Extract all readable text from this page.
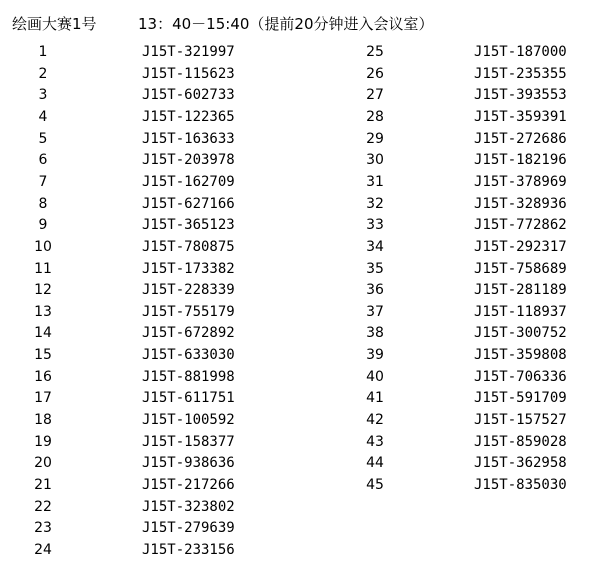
绘画大赛1号	13：40－15:40（提前20分钟进入会议室）
1	J15T-321997
2	J15T-115623
3	J15T-602733
4	J15T-122365
5	J15T-163633
6	J15T-203978
7	J15T-162709
8	J15T-627166
9	J15T-365123
10	J15T-780875
11	J15T-173382
12	J15T-228339
13	J15T-755179
14	J15T-672892
15	J15T-633030
16	J15T-881998
17	J15T-611751
18	J15T-100592
19	J15T-158377
20	J15T-938636
21	J15T-217266
22	J15T-323802
23	J15T-279639
24	J15T-233156
25	J15T-187000
26	J15T-235355
27	J15T-393553
28	J15T-359391
29	J15T-272686
30	J15T-182196
31	J15T-378969
32	J15T-328936
33	J15T-772862
34	J15T-292317
35	J15T-758689
36	J15T-281189
37	J15T-118937
38	J15T-300752
39	J15T-359808
40	J15T-706336
41	J15T-591709
42	J15T-157527
43	J15T-859028
44	J15T-362958
45	J15T-835030
